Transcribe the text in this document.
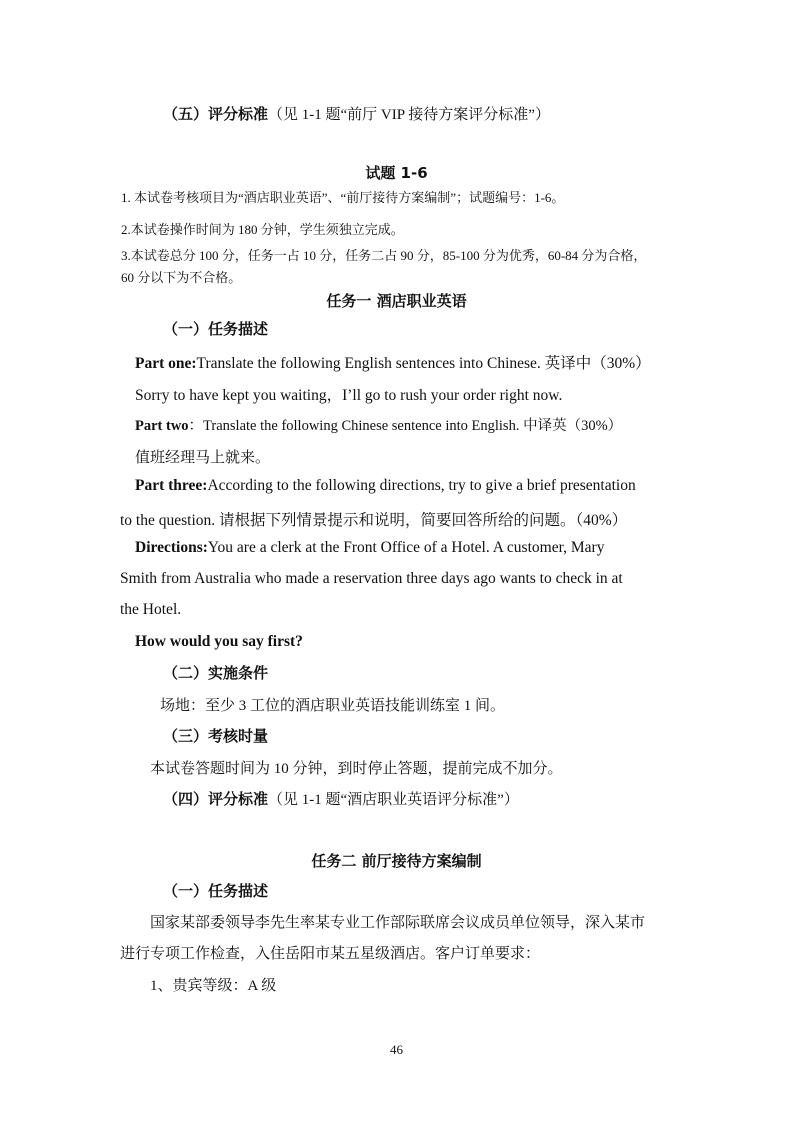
（五）评分标准（见 1-1 题“前厅 VIP 接待方案评分标准”）
试题 1-6
1. 本试卷考核项目为“酒店职业英语”、“前厅接待方案编制”；试题编号：1-6。
2.本试卷操作时间为 180 分钟，学生须独立完成。
3.本试卷总分 100 分，任务一占 10 分，任务二占 90 分，85-100 分为优秀，60-84 分为合格，
60 分以下为不合格。
任务一 酒店职业英语
（一）任务描述
Part one:Translate the following English sentences into Chinese. 英译中（30%）
Sorry to have kept you waiting，I’ll go to rush your order right now.
Part two：Translate the following Chinese sentence into English. 中译英（30%）
值班经理马上就来。
Part three:According to the following directions, try to give a brief presentation
to the question. 请根据下列情景提示和说明，简要回答所给的问题。（40%）
Directions:You are a clerk at the Front Office of a Hotel. A customer, Mary
Smith from Australia who made a reservation three days ago wants to check in at
the Hotel.
How would you say first?
（二）实施条件
场地：至少 3 工位的酒店职业英语技能训练室 1 间。
（三）考核时量
本试卷答题时间为 10 分钟，到时停止答题，提前完成不加分。
（四）评分标准（见 1-1 题“酒店职业英语评分标准”）
任务二 前厅接待方案编制
（一）任务描述
国家某部委领导李先生率某专业工作部际联席会议成员单位领导，深入某市
进行专项工作检查，入住岳阳市某五星级酒店。客户订单要求：
1、贵宾等级：A 级
46
